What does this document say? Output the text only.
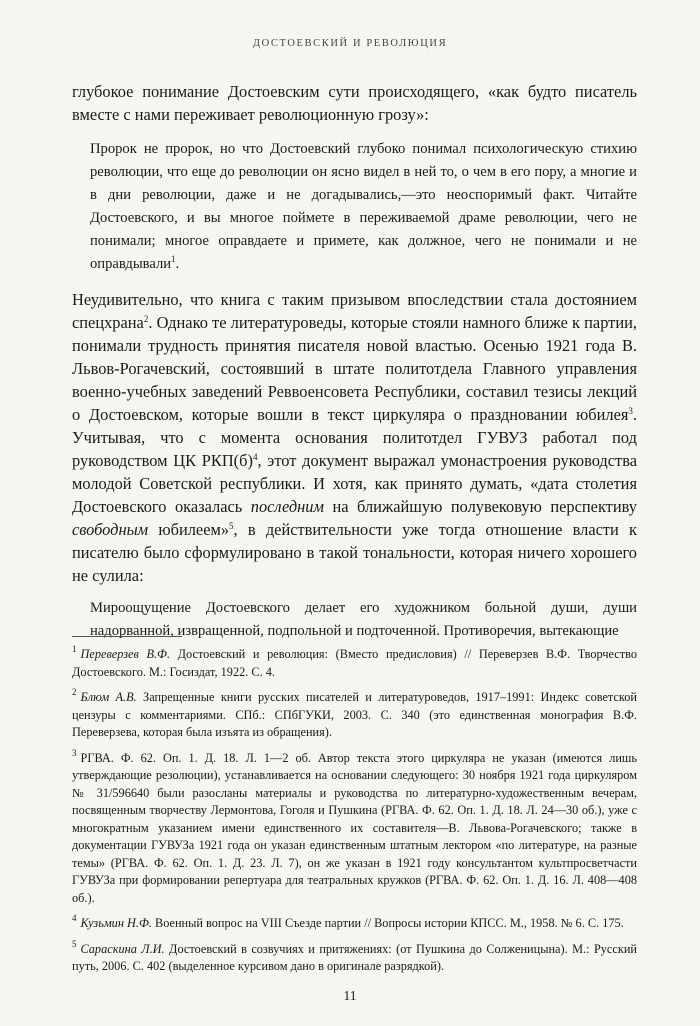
ДОСТОЕВСКИЙ И РЕВОЛЮЦИЯ

глубокое понимание Достоевским сути происходящего, «как будто писатель вместе с нами переживает революционную грозу»:

Пророк не пророк, но что Достоевский глубоко понимал психологическую стихию революции, что еще до революции он ясно видел в ней то, о чем в его пору, а многие и в дни революции, даже и не догадывались,—это неоспоримый факт. Читайте Достоевского, и вы многое поймете в переживаемой драме революции, чего не понимали; многое оправдаете и примете, как должное, чего не понимали и не оправдывали$^1$.

Неудивительно, что книга с таким призывом впоследствии стала достоянием спецхрана$^2$. Однако те литературоведы, которые стояли намного ближе к партии, понимали трудность принятия писателя новой властью. Осенью 1921 года В. Львов-Рогачевский, состоявший в штате политотдела Главного управления военно-учебных заведений Реввоенсовета Республики, составил тезисы лекций о Достоевском, которые вошли в текст циркуляра о праздновании юбилея$^3$. Учитывая, что с момента основания политотдел ГУВУЗ работал под руководством ЦК $РКП(б)^4$, этот документ выражал умонастроения руководства молодой Советской республики. И хотя, как принято думать, «дата столетия Достоевского оказалась последним на ближайшую полувековую перспективу свободным юбилеем»$^5$, в действительности уже тогда отношение власти к писателю было сформулировано в такой тональности, которая ничего хорошего не сулила:

Мироощущение Достоевского делает его художником больной души, души надорванной, извращенной, подпольной и подточенной. Противоречия, вытекающие

$^1$ Переверзев В.Ф. Достоевский и революция: (Вместо предисловия) // Переверзев В.Ф. Творчество Достоевского. М.: Госиздат, 1922. С. 4.

$^2$ Блюм А.В. Запрещенные книги русских писателей и литературоведов, 1917–1991: Индекс советской цензуры с комментариями. СПб.: СПбГУКИ, 2003. С. 340 (это единственная монография В.Ф. Переверзева, которая была изъята из обращения).

$^3$ РГВА. Ф. 62. Оп. 1. Д. 18. Л. 1—2 об. Автор текста этого циркуляра не указан (имеются лишь утверждающие резолюции), устанавливается на основании следующего: 30 ноября 1921 года циркуляром № 31/596640 были разосланы материалы и руководства по литературно-художественным вечерам, посвященным творчеству Лермонтова, Гоголя и Пушкина (РГВА. Ф. 62. Оп. 1. Д. 18. Л. 24—30 об.), уже с многократным указанием имени единственного их составителя—В. Львова-Рогачевского; также в документации ГУВУЗа 1921 года он указан единственным штатным лектором «по литературе, на разные темы» (РГВА. Ф. 62. Оп. 1. Д. 23. Л. 7), он же указан в 1921 году консультантом культпросветчасти ГУВУЗа при формировании репертуара для театральных кружков (РГВА. Ф. 62. Оп. 1. Д. 16. Л. 408—408 об.).

$^4$ Кузьмин Н.Ф. Военный вопрос на VIII Съезде партии // Вопросы истории КПСС. М., 1958. № 6. С. 175.

$^5$ Сараскина Л.И. Достоевский в созвучиях и притяжениях: (от Пушкина до Солженицына). М.: Русский путь, 2006. С. 402 (выделенное курсивом дано в оригинале разрядкой).

11
